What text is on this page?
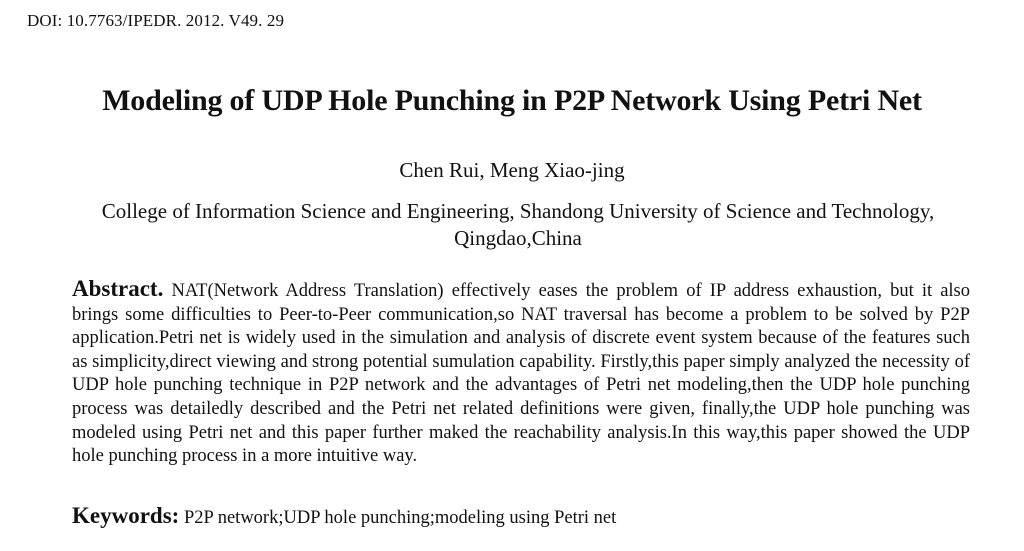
DOI: 10.7763/IPEDR. 2012. V49. 29
Modeling of UDP Hole Punching in P2P Network Using Petri Net
Chen Rui, Meng Xiao-jing
College of Information Science and Engineering, Shandong University of Science and Technology,
Qingdao,China

Abstract. NAT(Network Address Translation) effectively eases the problem of IP address exhaustion, but it also brings some difficulties to Peer-to-Peer communication,so NAT traversal has become a problem to be solved by P2P application.Petri net is widely used in the simulation and analysis of discrete event system because of the features such as simplicity,direct viewing and strong potential sumulation capability. Firstly,this paper simply analyzed the necessity of UDP hole punching technique in P2P network and the advantages of Petri net modeling,then the UDP hole punching process was detailedly described and the Petri net related definitions were given, finally,the UDP hole punching was modeled using Petri net and this paper further maked the reachability analysis.In this way,this paper showed the UDP hole punching process in a more intuitive way.

Keywords: P2P network;UDP hole punching;modeling using Petri net
